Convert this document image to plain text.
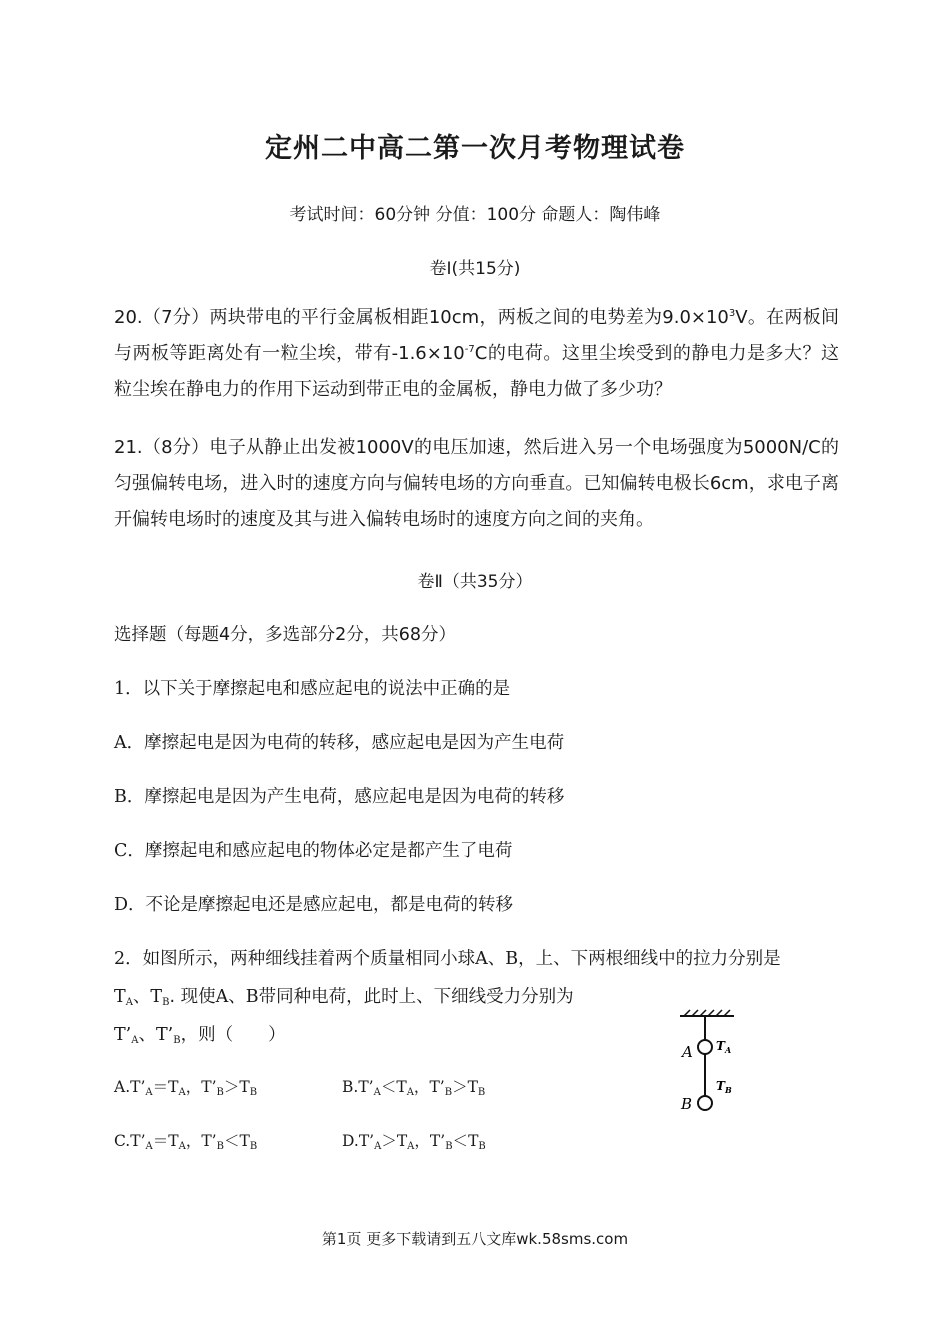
定州二中高二第一次月考物理试卷
考试时间：60分钟 分值：100分 命题人：陶伟峰
卷Ⅰ(共15分)
20.（7分）两块带电的平行金属板相距10cm，两板之间的电势差为$9.0\times 10^3V$。在两板间与两板等距离处有一粒尘埃，带有$-1.6\times 10^{-7}C$的电荷。这里尘埃受到的静电力是多大？这粒尘埃在静电力的作用下运动到带正电的金属板，静电力做了多少功？
21.（8分）电子从静止出发被1000V的电压加速，然后进入另一个电场强度为5000N/C的匀强偏转电场，进入时的速度方向与偏转电场的方向垂直。已知偏转电极长6cm，求电子离开偏转电场时的速度及其与进入偏转电场时的速度方向之间的夹角。
卷Ⅱ（共35分）
选择题（每题4分，多选部分2分，共68分）
1．以下关于摩擦起电和感应起电的说法中正确的是
A．摩擦起电是因为电荷的转移，感应起电是因为产生电荷
B．摩擦起电是因为产生电荷，感应起电是因为电荷的转移
C．摩擦起电和感应起电的物体必定是都产生了电荷
D．不论是摩擦起电还是感应起电，都是电荷的转移
2．如图所示，两种细线挂着两个质量相同小球A、B，上、下两根细线中的拉力分别是
$T_A$、$T_B$. 现使A、B带同种电荷，此时上、下细线受力分别为
$T’_A$、$T’_B$，则（　　）
$A.T’_A=T_A$，$T’_B>T_B$	$B.T’_A<T_A$，$T’_B>T_B$
$C.T’_A=T_A$，$T’_B<T_B$	$D.T’_A>T_A$，$T’_B<T_B$
A
B
T A
T B
第1页 更多下载请到五八文库wk.58sms.com
